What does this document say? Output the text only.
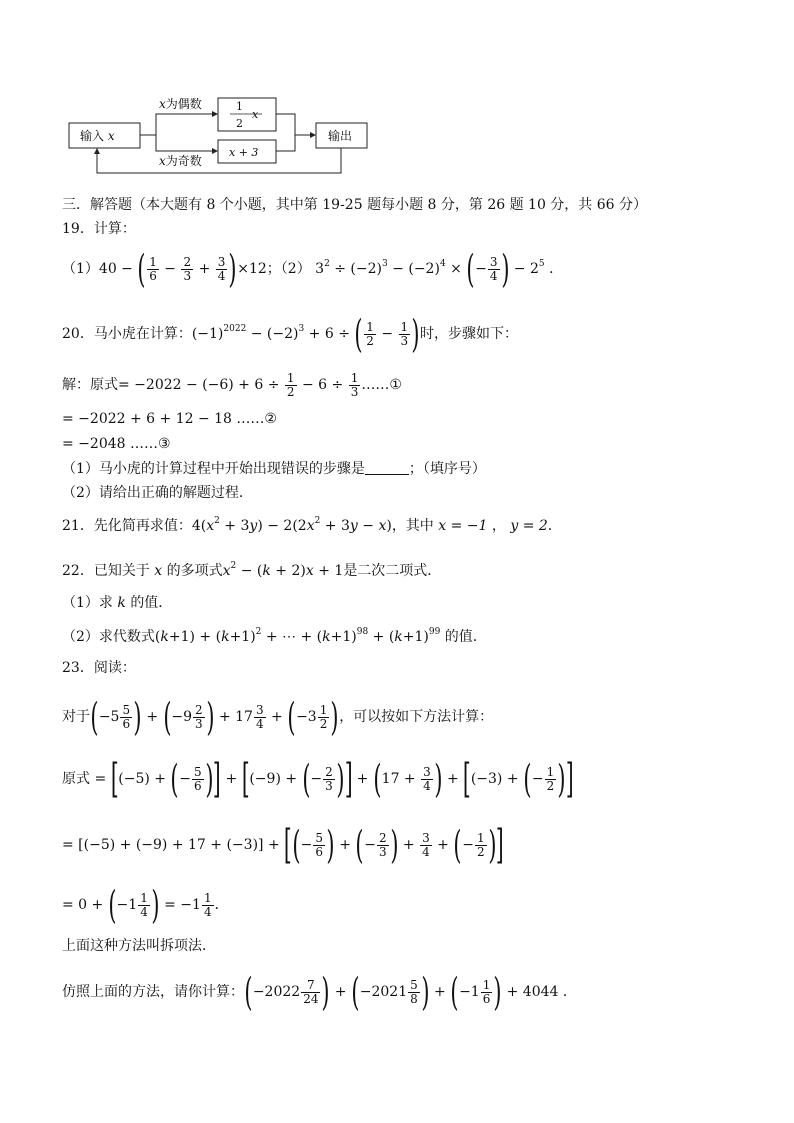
输入 x
x为偶数
x为奇数
1
2
x
x + 3
输出
三．解答题（本大题有 8 个小题，其中第 19-25 题每小题 8 分，第 26 题 10 分，共 66 分）
19．计算：
（1）40 − ( $\frac{1}{6} - \frac{2}{3} + \frac{3}{4} )\times 12$；（2） $3^2 \div (-2)^3 - (-2)^4$ × (− $\frac{3}{4}$ ) − $2^5$ ．
20．马小虎在计算：$(-1)^{2022} - (-2)^3 + 6$ ÷ ( $\frac{1}{2} - \frac{1}{3}$ )时，步骤如下：
解：原式= $-2022 - (-6) + 6 \div \frac{1}{2} - 6 \div \frac{1}{3}$ ……①
= −2022 + 6 + 12 − 18 ……②
= −2048 ……③
（1）马小虎的计算过程中开始出现错误的步骤是	；（填序号）
（2）请给出正确的解题过程．
21．先化简再求值：$4(x^2 + 3y) - 2(2x^2 + 3y - x)$，其中 x = −1 ， y = 2．
22．已知关于 x 的多项式$x^2 - (k + 2)x + 1$是二次二项式．
（1）求 k 的值．
（2）求代数式$(k+1) + (k+1)^2$ + ⋯ + $(k+1)^{98} + (k+1)^{99}$ 的值．
23．阅读：
对于($-5 \frac{5}{6}$ ) + ($-9 \frac{2}{3}$ ) + $17 \frac{3}{4} + (-3 \frac{1}{2}$ )，可以按如下方法计算：
原式 = [(−5) + (− $\frac{5}{6}$ )] + [(−9) + (− $\frac{2}{3}$ )] + ($17 + \frac{3}{4}$ ) + [(−3) + (− $\frac{1}{2}$ )]
= [(−5) + (−9) + 17 + (−3)] + [(− $\frac{5}{6}$ ) + (− $\frac{2}{3}$ ) + $\frac{3}{4}$ + (− $\frac{1}{2}$ )]
= $0 + (-1 \frac{1}{4}$ ) = $-1 \frac{1}{4}$ ．
上面这种方法叫拆项法．
仿照上面的方法，请你计算：($-2022 \frac{7}{24}$ ) + ($-2021 \frac{5}{8}$ ) + ($-1 \frac{1}{6}$ ) + 4044 ．
